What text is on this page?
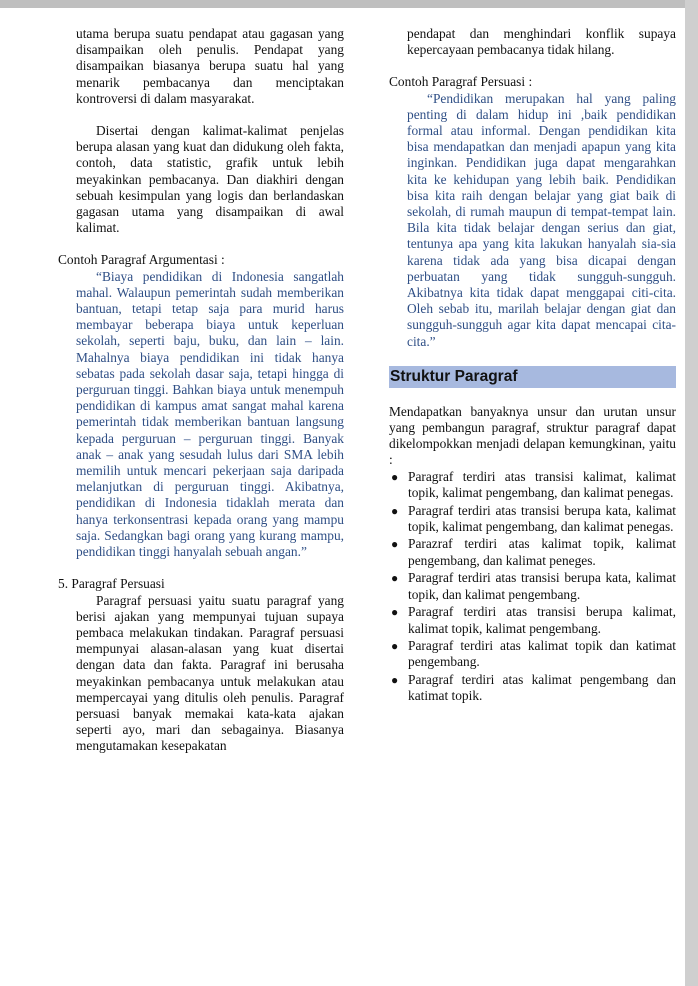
utama berupa suatu pendapat atau gagasan yang disampaikan oleh penulis. Pendapat yang disampaikan biasanya berupa suatu hal yang menarik pembacanya dan menciptakan kontroversi di dalam masyarakat.

Disertai dengan kalimat-kalimat penjelas berupa alasan yang kuat dan didukung oleh fakta, contoh, data statistic, grafik untuk lebih meyakinkan pembacanya. Dan diakhiri dengan sebuah kesimpulan yang logis dan berlandaskan gagasan utama yang disampaikan di awal kalimat.

Contoh Paragraf Argumentasi :

“Biaya pendidikan di Indonesia sangatlah mahal. Walaupun pemerintah sudah memberikan bantuan, tetapi tetap saja para murid harus membayar beberapa biaya untuk keperluan sekolah, seperti baju, buku, dan lain – lain. Mahalnya biaya pendidikan ini tidak hanya sebatas pada sekolah dasar saja, tetapi hingga di perguruan tinggi. Bahkan biaya untuk menempuh pendidikan di kampus amat sangat mahal karena pemerintah tidak memberikan bantuan langsung kepada perguruan – perguruan tinggi. Banyak anak – anak yang sesudah lulus dari SMA lebih memilih untuk mencari pekerjaan saja daripada melanjutkan di perguruan tinggi. Akibatnya, pendidikan di Indonesia tidaklah merata dan hanya terkonsentrasi kepada orang yang mampu saja. Sedangkan bagi orang yang kurang mampu, pendidikan tinggi hanyalah sebuah angan.”

5. Paragraf Persuasi

Paragraf persuasi yaitu suatu paragraf yang berisi ajakan yang mempunyai tujuan supaya pembaca melakukan tindakan. Paragraf persuasi mempunyai alasan-alasan yang kuat disertai dengan data dan fakta. Paragraf ini berusaha meyakinkan pembacanya untuk melakukan atau mempercayai yang ditulis oleh penulis. Paragraf persuasi banyak memakai kata-kata ajakan seperti ayo, mari dan sebagainya. Biasanya mengutamakan kesepakatan

pendapat dan menghindari konflik supaya kepercayaan pembacanya tidak hilang.

Contoh Paragraf Persuasi :

“Pendidikan merupakan hal yang paling penting di dalam hidup ini ,baik pendidikan formal atau informal. Dengan pendidikan kita bisa mendapatkan dan menjadi apapun yang kita inginkan. Pendidikan juga dapat mengarahkan kita ke kehidupan yang lebih baik. Pendidikan bisa kita raih dengan belajar yang giat baik di sekolah, di rumah maupun di tempat-tempat lain. Bila kita tidak belajar dengan serius dan giat, tentunya apa yang kita lakukan hanyalah sia-sia karena tidak ada yang bisa dicapai dengan perbuatan yang tidak sungguh-sungguh. Akibatnya kita tidak dapat menggapai citi-cita. Oleh sebab itu, marilah belajar dengan giat dan sungguh-sungguh agar kita dapat mencapai cita-cita.”

Struktur Paragraf

Mendapatkan banyaknya unsur dan urutan unsur yang pembangun paragraf, struktur paragraf dapat dikelompokkan menjadi delapan kemungkinan, yaitu :

● Paragraf terdiri atas transisi kalimat, kalimat topik, kalimat pengembang, dan kalimat penegas.
● Paragraf terdiri atas transisi berupa kata, kalimat topik, kalimat pengembang, dan kalimat penegas.
● Parazraf terdiri atas kalimat topik, kalimat pengembang, dan kalimat peneges.
● Paragraf terdiri atas transisi berupa kata, kalimat topik, dan kalimat pengembang.
● Paragraf terdiri atas transisi berupa kalimat, kalimat topik, kalimat pengembang.
● Paragraf terdiri atas kalimat topik dan katimat pengembang.
● Paragraf terdiri atas kalimat pengembang dan katimat topik.
